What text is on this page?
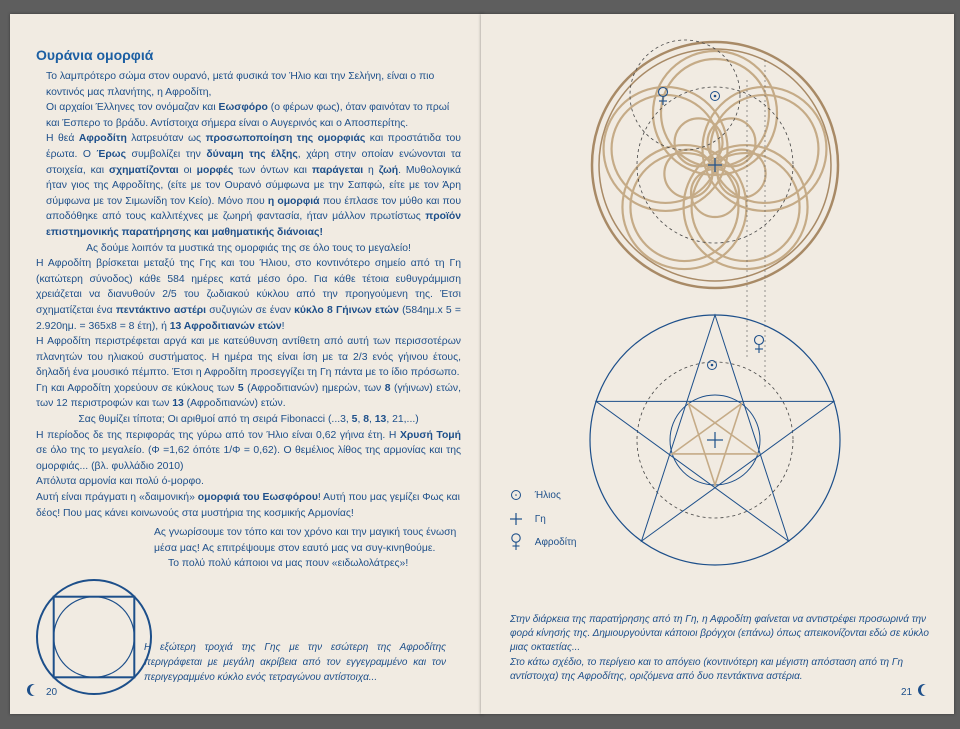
Ουράνια ομορφιά

Το λαμπρότερο σώμα στον ουρανό, μετά φυσικά τον Ήλιο και την Σελήνη, είναι ο πιο κοντινός μας πλανήτης, η Αφροδίτη,

Οι αρχαίοι Έλληνες τον ονόμαζαν και Εωσφόρο (ο φέρων φως), όταν φαινόταν το πρωί και Έσπερο το βράδυ. Αντίστοιχα σήμερα είναι ο Αυγερινός και ο Αποσπερίτης.

Η θεά Αφροδίτη λατρευόταν ως προσωποποίηση της ομορφιάς και προστάτιδα του έρωτα. Ο Έρως συμβολίζει την δύναμη της έλξης, χάρη στην οποίαν ενώνονται τα στοιχεία, και σχηματίζονται οι μορφές των όντων και παράγεται η ζωή. Μυθολογικά ήταν γιος της Αφροδίτης, (είτε με τον Ουρανό σύμφωνα με την Σαπφώ, είτε με τον Άρη σύμφωνα με τον Σιμωνίδη τον Κείο). Μόνο που η ομορφιά που έπλασε τον μύθο και που αποδόθηκε από τους καλλιτέχνες με ζωηρή φαντασία, ήταν μάλλον πρωτίστως προϊόν επιστημονικής παρατήρησης και μαθηματικής διάνοιας!

Ας δούμε λοιπόν τα μυστικά της ομορφιάς της σε όλο τους το μεγαλείο!

Η Αφροδίτη βρίσκεται μεταξύ της Γης και του Ήλιου, στο κοντινότερο σημείο από τη Γη (κατώτερη σύνοδος) κάθε 584 ημέρες κατά μέσο όρο. Για κάθε τέτοια ευθυγράμμιση χρειάζεται να διανυθούν 2/5 του ζωδιακού κύκλου από την προηγούμενη της. Έτσι σχηματίζεται ένα πεντάκτινο αστέρι συζυγιών σε έναν κύκλο 8 Γήινων ετών (584ημ.x 5 = 2.920ημ. = 365x8 = 8 έτη), ή 13 Αφροδιτιανών ετών!

Η Αφροδίτη περιστρέφεται αργά και με κατεύθυνση αντίθετη από αυτή των περισσοτέρων πλανητών του ηλιακού συστήματος. Η ημέρα της είναι ίση με τα 2/3 ενός γήινου έτους, δηλαδή ένα μουσικό πέμπτο. Έτσι η Αφροδίτη προσεγγίζει τη Γη πάντα με το ίδιο πρόσωπο.

Γη και Αφροδίτη χορεύουν σε κύκλους των 5 (Αφροδιτιανών) ημερών, των 8 (γήινων) ετών, των 12 περιστροφών και των 13 (Αφροδιτιανών) ετών.

Σας θυμίζει τίποτα; Οι αριθμοί από τη σειρά Fibonacci (...3, 5, 8, 13, 21,...)

Η περίοδος δε της περιφοράς της γύρω από τον Ήλιο είναι 0,62 γήινα έτη. Η Χρυσή Τομή σε όλο της το μεγαλείο. (Φ =1,62 όπότε 1/Φ = 0,62). Ο θεμέλιος λίθος της αρμονίας και της ομορφιάς... (βλ. φυλλάδιο 2010)

Απόλυτα αρμονία και πολύ ό-μορφο.

Αυτή είναι πράγματι η «δαιμονική» ομορφιά του Εωσφόρου! Αυτή που μας γεμίζει Φως και δέος! Που μας κάνει κοινωνούς στα μυστήρια της κοσμικής Αρμονίας!

Ας γνωρίσουμε τον τόπο και τον χρόνο και την μαγική τους ένωση μέσα μας! Ας επιτρέψουμε στον εαυτό μας να συγ-κινηθούμε.

Το πολύ πολύ κάποιοι να μας πουν «ειδωλολάτρες»!

Η εξώτερη τροχιά της Γης με την εσώτερη της Αφροδίτης περιγράφεται με μεγάλη ακρίβεια από τον εγγεγραμμένο και τον περιγεγραμμένο κύκλο ενός τετραγώνου αντίστοιχα...
20	21
Ήλιος
Γη
Αφροδίτη
Στην διάρκεια της παρατήρησης από τη Γη, η Αφροδίτη φαίνεται να αντιστρέφει προσωρινά την φορά κίνησής της. Δημιουργούνται κάποιοι βρόγχοι (επάνω) όπως απεικονίζονται εδώ σε κύκλο μιας οκταετίας...
Στο κάτω σχέδιο, το περίγειο και το απόγειο (κοντινότερη και μέγιστη απόσταση από τη Γη αντίστοιχα) της Αφροδίτης, οριζόμενα από δυο πεντάκτινα αστέρια.
